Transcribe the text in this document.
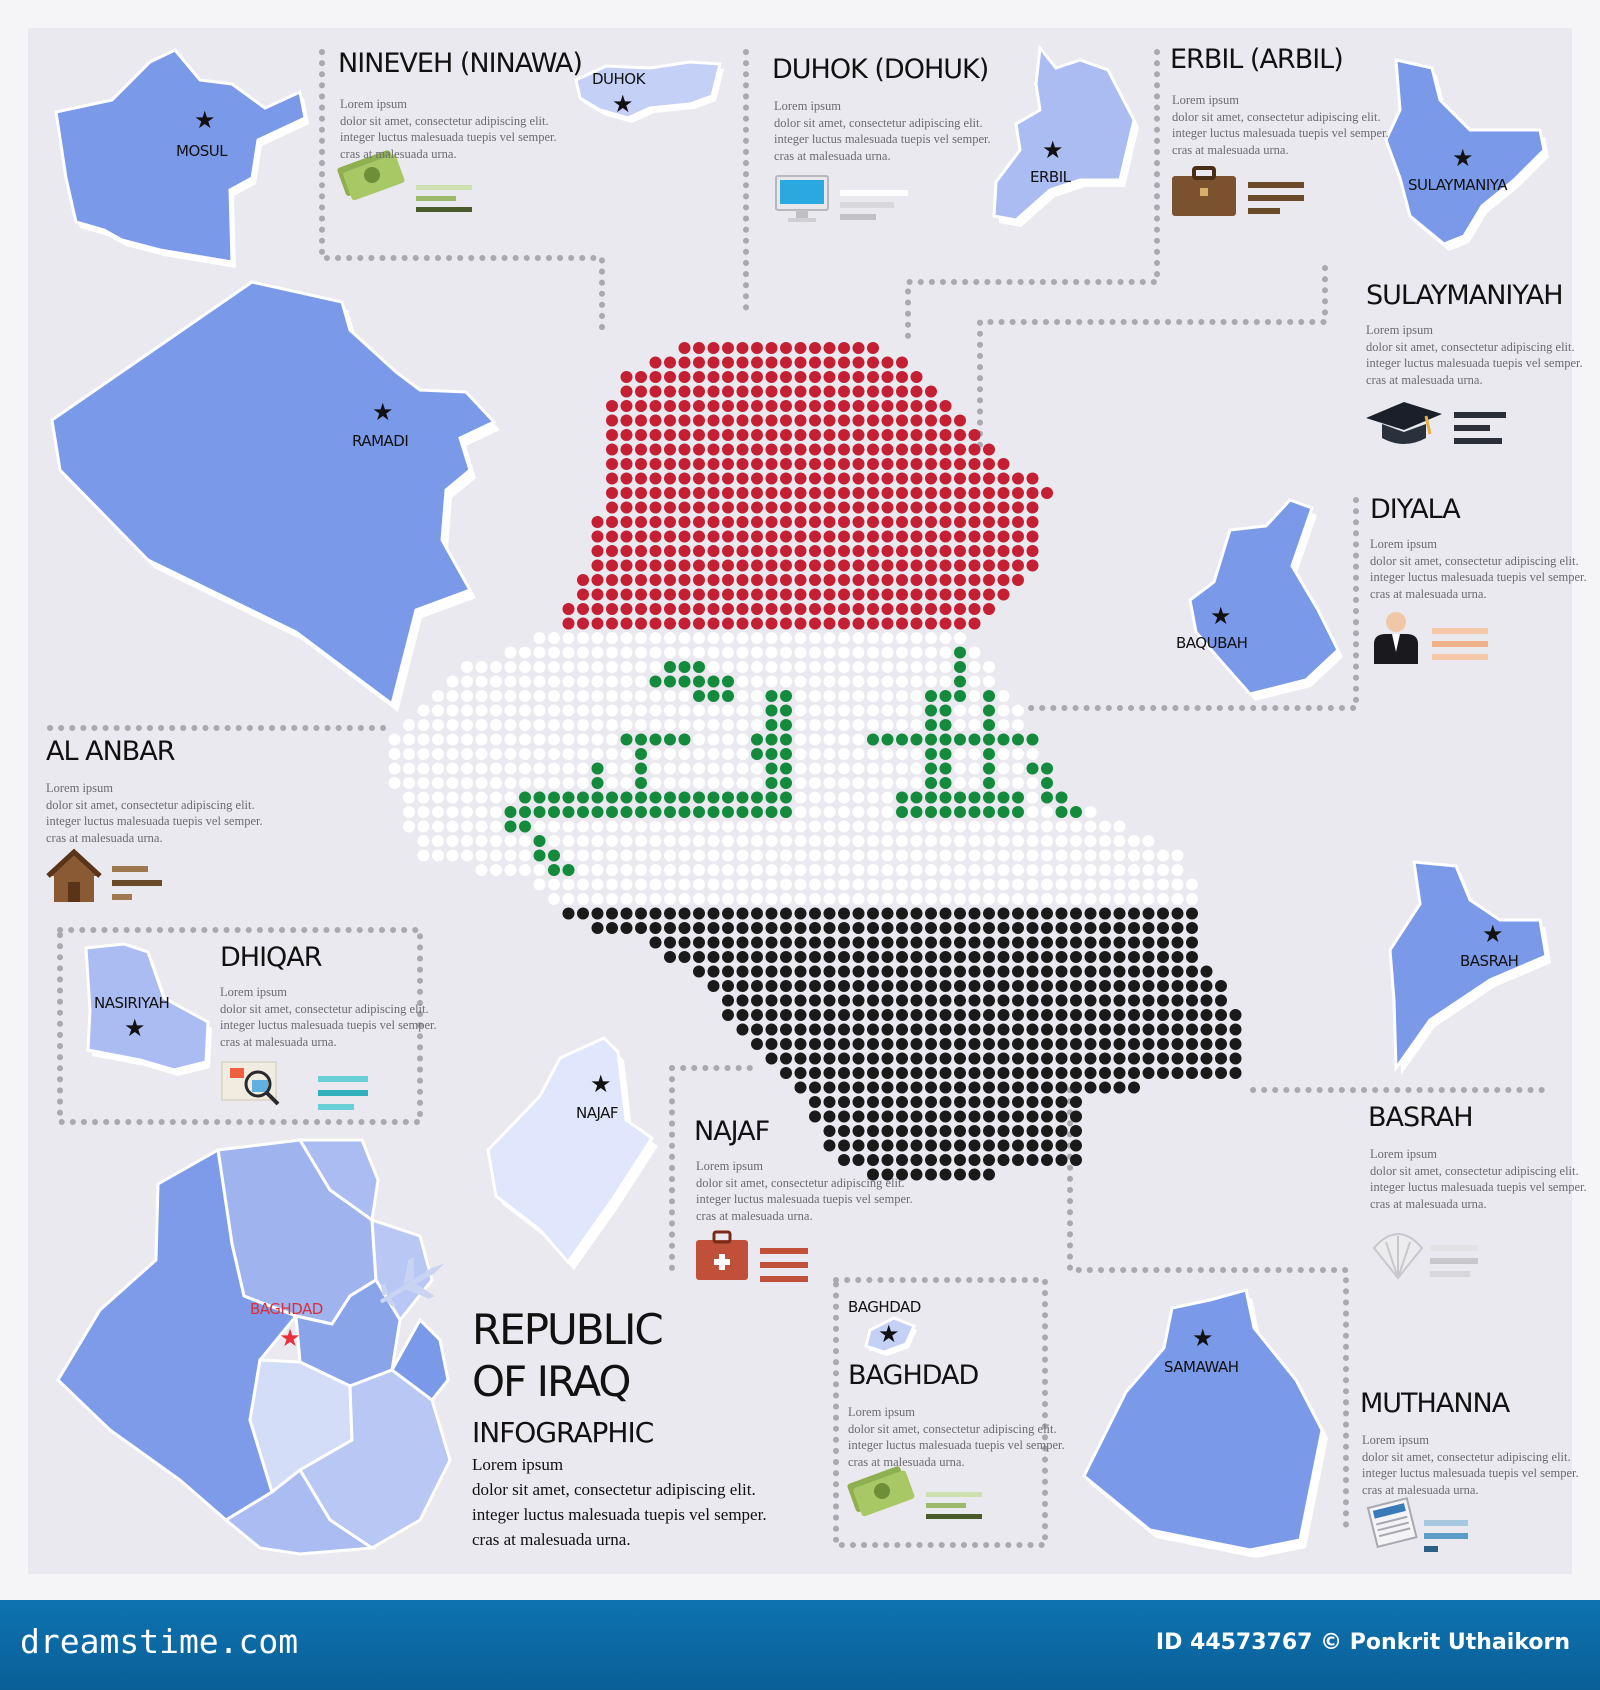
★
NINEVEH (NINAWA)
Lorem ipsum
dolor sit amet, consectetur adipiscing elit.
integer luctus malesuada tuepis vel semper.
cras at malesuada urna.
DUHOK (DOHUK)
Lorem ipsum
dolor sit amet, consectetur adipiscing elit.
integer luctus malesuada tuepis vel semper.
cras at malesuada urna.
ERBIL (ARBIL)
Lorem ipsum
dolor sit amet, consectetur adipiscing elit.
integer luctus malesuada tuepis vel semper.
cras at malesuada urna.
SULAYMANIYAH
Lorem ipsum
dolor sit amet, consectetur adipiscing elit.
integer luctus malesuada tuepis vel semper.
cras at malesuada urna.
DIYALA
Lorem ipsum
dolor sit amet, consectetur adipiscing elit.
integer luctus malesuada tuepis vel semper.
cras at malesuada urna.
AL ANBAR
Lorem ipsum
dolor sit amet, consectetur adipiscing elit.
integer luctus malesuada tuepis vel semper.
cras at malesuada urna.
DHIQAR
Lorem ipsum
dolor sit amet, consectetur adipiscing elit.
integer luctus malesuada tuepis vel semper.
cras at malesuada urna.
NAJAF
Lorem ipsum
dolor sit amet, consectetur adipiscing elit.
integer luctus malesuada tuepis vel semper.
cras at malesuada urna.
BASRAH
Lorem ipsum
dolor sit amet, consectetur adipiscing elit.
integer luctus malesuada tuepis vel semper.
cras at malesuada urna.
BAGHDAD
Lorem ipsum
dolor sit amet, consectetur adipiscing elit.
integer luctus malesuada tuepis vel semper.
cras at malesuada urna.
MUTHANNA
Lorem ipsum
dolor sit amet, consectetur adipiscing elit.
integer luctus malesuada tuepis vel semper.
cras at malesuada urna.
★
MOSUL
DUHOK
★
★
ERBIL
★
SULAYMANIYA
★
BAQUBAH
★
RAMADI
NASIRIYAH
★
★
NAJAF
★
BASRAH
BAGHDAD
★	★
SAMAWAH
BAGHDAD	REPUBLIC
OF IRAQ
INFOGRAPHIC
Lorem ipsum
dolor sit amet, consectetur adipiscing elit.
integer luctus malesuada tuepis vel semper.
cras at malesuada urna.
dreamstime.com	ID 44573767 © Ponkrit Uthaikorn
